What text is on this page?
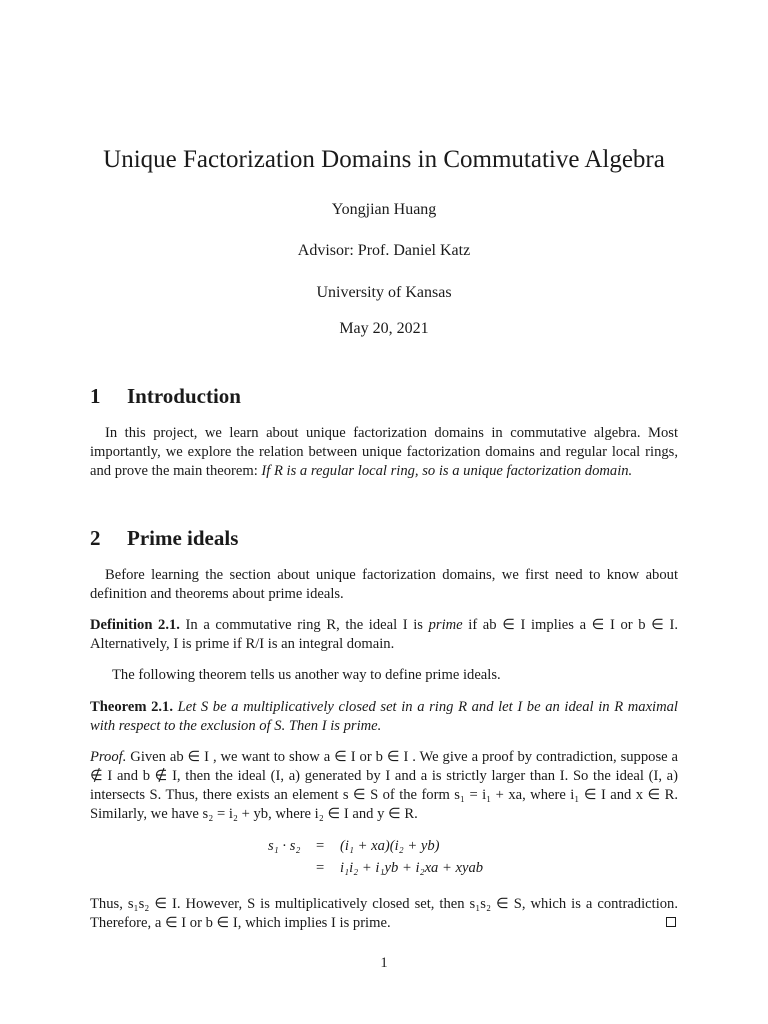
Unique Factorization Domains in Commutative Algebra
Yongjian Huang
Advisor: Prof. Daniel Katz
University of Kansas
May 20, 2021
1 Introduction
In this project, we learn about unique factorization domains in commutative algebra. Most importantly, we explore the relation between unique factorization domains and regular local rings, and prove the main theorem: If R is a regular local ring, so is a unique factorization domain.
2 Prime ideals
Before learning the section about unique factorization domains, we first need to know about definition and theorems about prime ideals.
Definition 2.1. In a commutative ring R, the ideal I is prime if ab ∈ I implies a ∈ I or b ∈ I. Alternatively, I is prime if R/I is an integral domain.
The following theorem tells us another way to define prime ideals.
Theorem 2.1. Let S be a multiplicatively closed set in a ring R and let I be an ideal in R maximal with respect to the exclusion of S. Then I is prime.
Proof. Given ab ∈ I , we want to show a ∈ I or b ∈ I . We give a proof by contradiction, suppose a ∉ I and b ∉ I, then the ideal (I, a) generated by I and a is strictly larger than I. So the ideal (I, a) intersects S. Thus, there exists an element s ∈ S of the form s₁ = i₁ + xa, where i₁ ∈ I and x ∈ R. Similarly, we have s₂ = i₂ + yb, where i₂ ∈ I and y ∈ R.
s₁ · s₂ = (i₁ + xa)(i₂ + yb)
= i₁i₂ + i₁yb + i₂xa + xyab
Thus, s₁s₂ ∈ I. However, S is multiplicatively closed set, then s₁s₂ ∈ S, which is a contradiction. Therefore, a ∈ I or b ∈ I, which implies I is prime.
1
